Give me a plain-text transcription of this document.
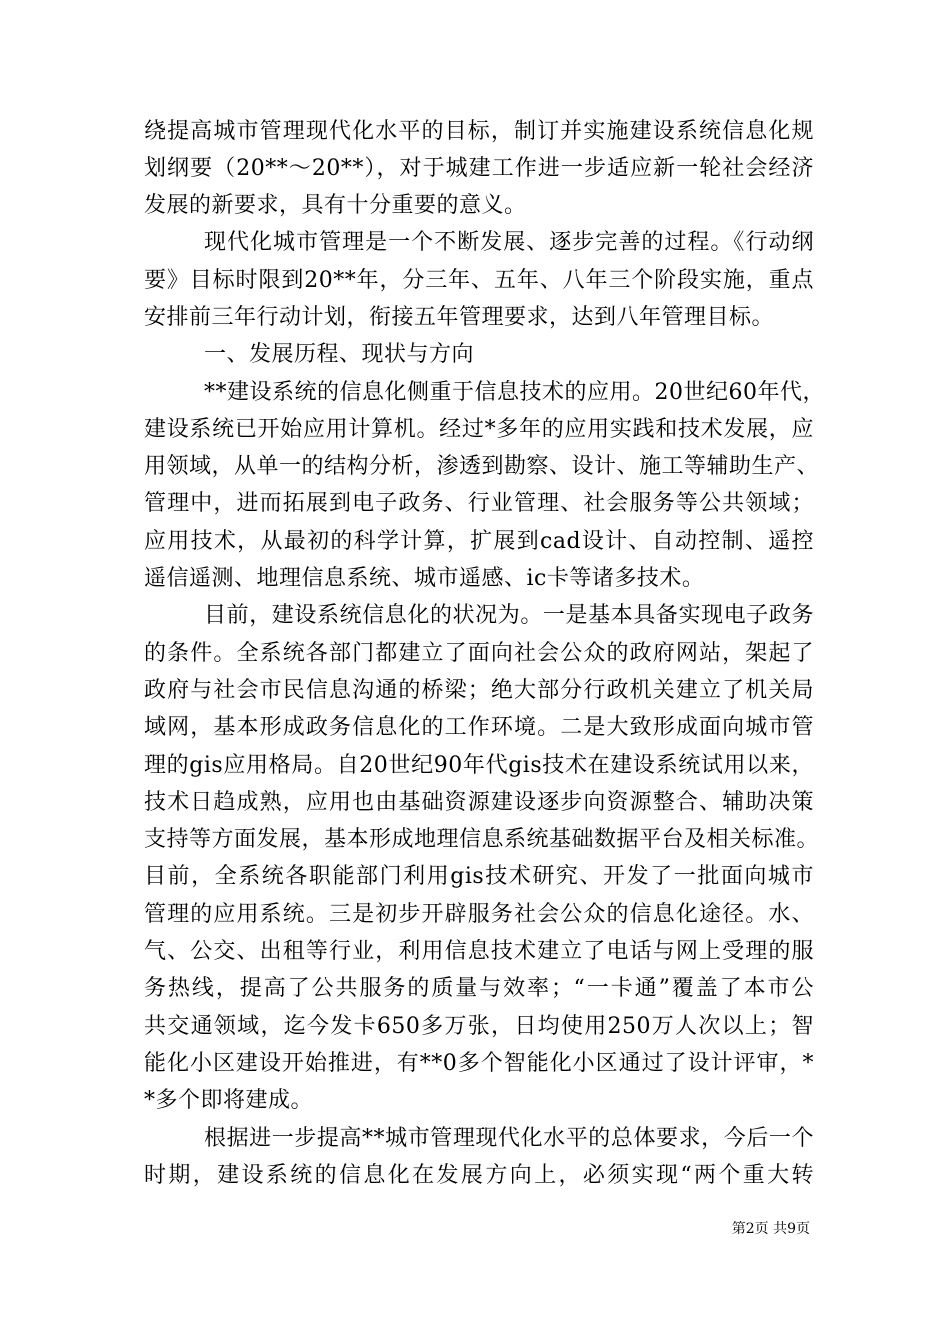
绕提高城市管理现代化水平的目标，制订并实施建设系统信息化规
划纲要（20**～20**），对于城建工作进一步适应新一轮社会经济
发展的新要求，具有十分重要的意义。
现代化城市管理是一个不断发展、逐步完善的过程。《行动纲
要》目标时限到20**年，分三年、五年、八年三个阶段实施，重点
安排前三年行动计划，衔接五年管理要求，达到八年管理目标。
一、发展历程、现状与方向
**建设系统的信息化侧重于信息技术的应用。20世纪60年代，
建设系统已开始应用计算机。经过*多年的应用实践和技术发展，应
用领域，从单一的结构分析，渗透到勘察、设计、施工等辅助生产、
管理中，进而拓展到电子政务、行业管理、社会服务等公共领域；
应用技术，从最初的科学计算，扩展到cad设计、自动控制、遥控
遥信遥测、地理信息系统、城市遥感、ic卡等诸多技术。
目前，建设系统信息化的状况为。一是基本具备实现电子政务
的条件。全系统各部门都建立了面向社会公众的政府网站，架起了
政府与社会市民信息沟通的桥梁；绝大部分行政机关建立了机关局
域网，基本形成政务信息化的工作环境。二是大致形成面向城市管
理的gis应用格局。自20世纪90年代gis技术在建设系统试用以来，
技术日趋成熟，应用也由基础资源建设逐步向资源整合、辅助决策
支持等方面发展，基本形成地理信息系统基础数据平台及相关标准。
目前，全系统各职能部门利用gis技术研究、开发了一批面向城市
管理的应用系统。三是初步开辟服务社会公众的信息化途径。水、
气、公交、出租等行业，利用信息技术建立了电话与网上受理的服
务热线，提高了公共服务的质量与效率；“一卡通”覆盖了本市公
共交通领域，迄今发卡650多万张，日均使用250万人次以上；智
能化小区建设开始推进，有**0多个智能化小区通过了设计评审，*
*多个即将建成。
根据进一步提高**城市管理现代化水平的总体要求，今后一个
时期，建设系统的信息化在发展方向上，必须实现“两个重大转
第2页 共9页
